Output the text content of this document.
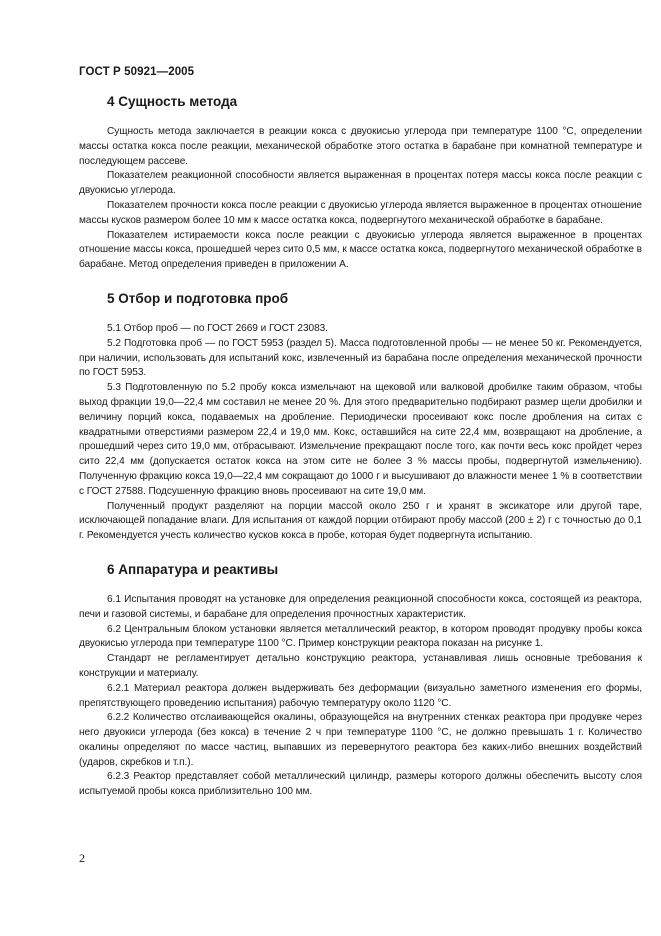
ГОСТ Р 50921—2005
4 Сущность метода

Сущность метода заключается в реакции кокса с двуокисью углерода при температуре 1100 °С, определении массы остатка кокса после реакции, механической обработке этого остатка в барабане при комнатной температуре и последующем рассеве.

Показателем реакционной способности является выраженная в процентах потеря массы кокса после реакции с двуокисью углерода.

Показателем прочности кокса после реакции с двуокисью углерода является выраженное в процентах отношение массы кусков размером более 10 мм к массе остатка кокса, подвергнутого механической обработке в барабане.

Показателем истираемости кокса после реакции с двуокисью углерода является выраженное в процентах отношение массы кокса, прошедшей через сито 0,5 мм, к массе остатка кокса, подвергнутого механической обработке в барабане. Метод определения приведен в приложении А.

5 Отбор и подготовка проб

5.1 Отбор проб — по ГОСТ 2669 и ГОСТ 23083.

5.2 Подготовка проб — по ГОСТ 5953 (раздел 5). Масса подготовленной пробы — не менее 50 кг. Рекомендуется, при наличии, использовать для испытаний кокс, извлеченный из барабана после определения механической прочности по ГОСТ 5953.

5.3 Подготовленную по 5.2 пробу кокса измельчают на щековой или валковой дробилке таким образом, чтобы выход фракции 19,0—22,4 мм составил не менее 20 %. Для этого предварительно подбирают размер щели дробилки и величину порций кокса, подаваемых на дробление. Периодически просеивают кокс после дробления на ситах с квадратными отверстиями размером 22,4 и 19,0 мм. Кокс, оставшийся на сите 22,4 мм, возвращают на дробление, а прошедший через сито 19,0 мм, отбрасывают. Измельчение прекращают после того, как почти весь кокс пройдет через сито 22,4 мм (допускается остаток кокса на этом сите не более 3 % массы пробы, подвергнутой измельчению). Полученную фракцию кокса 19,0—22,4 мм сокращают до 1000 г и высушивают до влажности менее 1 % в соответствии с ГОСТ 27588. Подсушенную фракцию вновь просеивают на сите 19,0 мм.

Полученный продукт разделяют на порции массой около 250 г и хранят в эксикаторе или другой таре, исключающей попадание влаги. Для испытания от каждой порции отбирают пробу массой (200 ± 2) г с точностью до 0,1 г. Рекомендуется учесть количество кусков кокса в пробе, которая будет подвергнута испытанию.

6 Аппаратура и реактивы

6.1 Испытания проводят на установке для определения реакционной способности кокса, состоящей из реактора, печи и газовой системы, и барабане для определения прочностных характеристик.

6.2 Центральным блоком установки является металлический реактор, в котором проводят продувку пробы кокса двуокисью углерода при температуре 1100 °С. Пример конструкции реактора показан на рисунке 1.

Стандарт не регламентирует детально конструкцию реактора, устанавливая лишь основные требования к конструкции и материалу.

6.2.1 Материал реактора должен выдерживать без деформации (визуально заметного изменения его формы, препятствующего проведению испытания) рабочую температуру около 1120 °С.

6.2.2 Количество отслаивающейся окалины, образующейся на внутренних стенках реактора при продувке через него двуокиси углерода (без кокса) в течение 2 ч при температуре 1100 °С, не должно превышать 1 г. Количество окалины определяют по массе частиц, выпавших из перевернутого реактора без каких-либо внешних воздействий (ударов, скребков и т.п.).

6.2.3 Реактор представляет собой металлический цилиндр, размеры которого должны обеспечить высоту слоя испытуемой пробы кокса приблизительно 100 мм.

2
